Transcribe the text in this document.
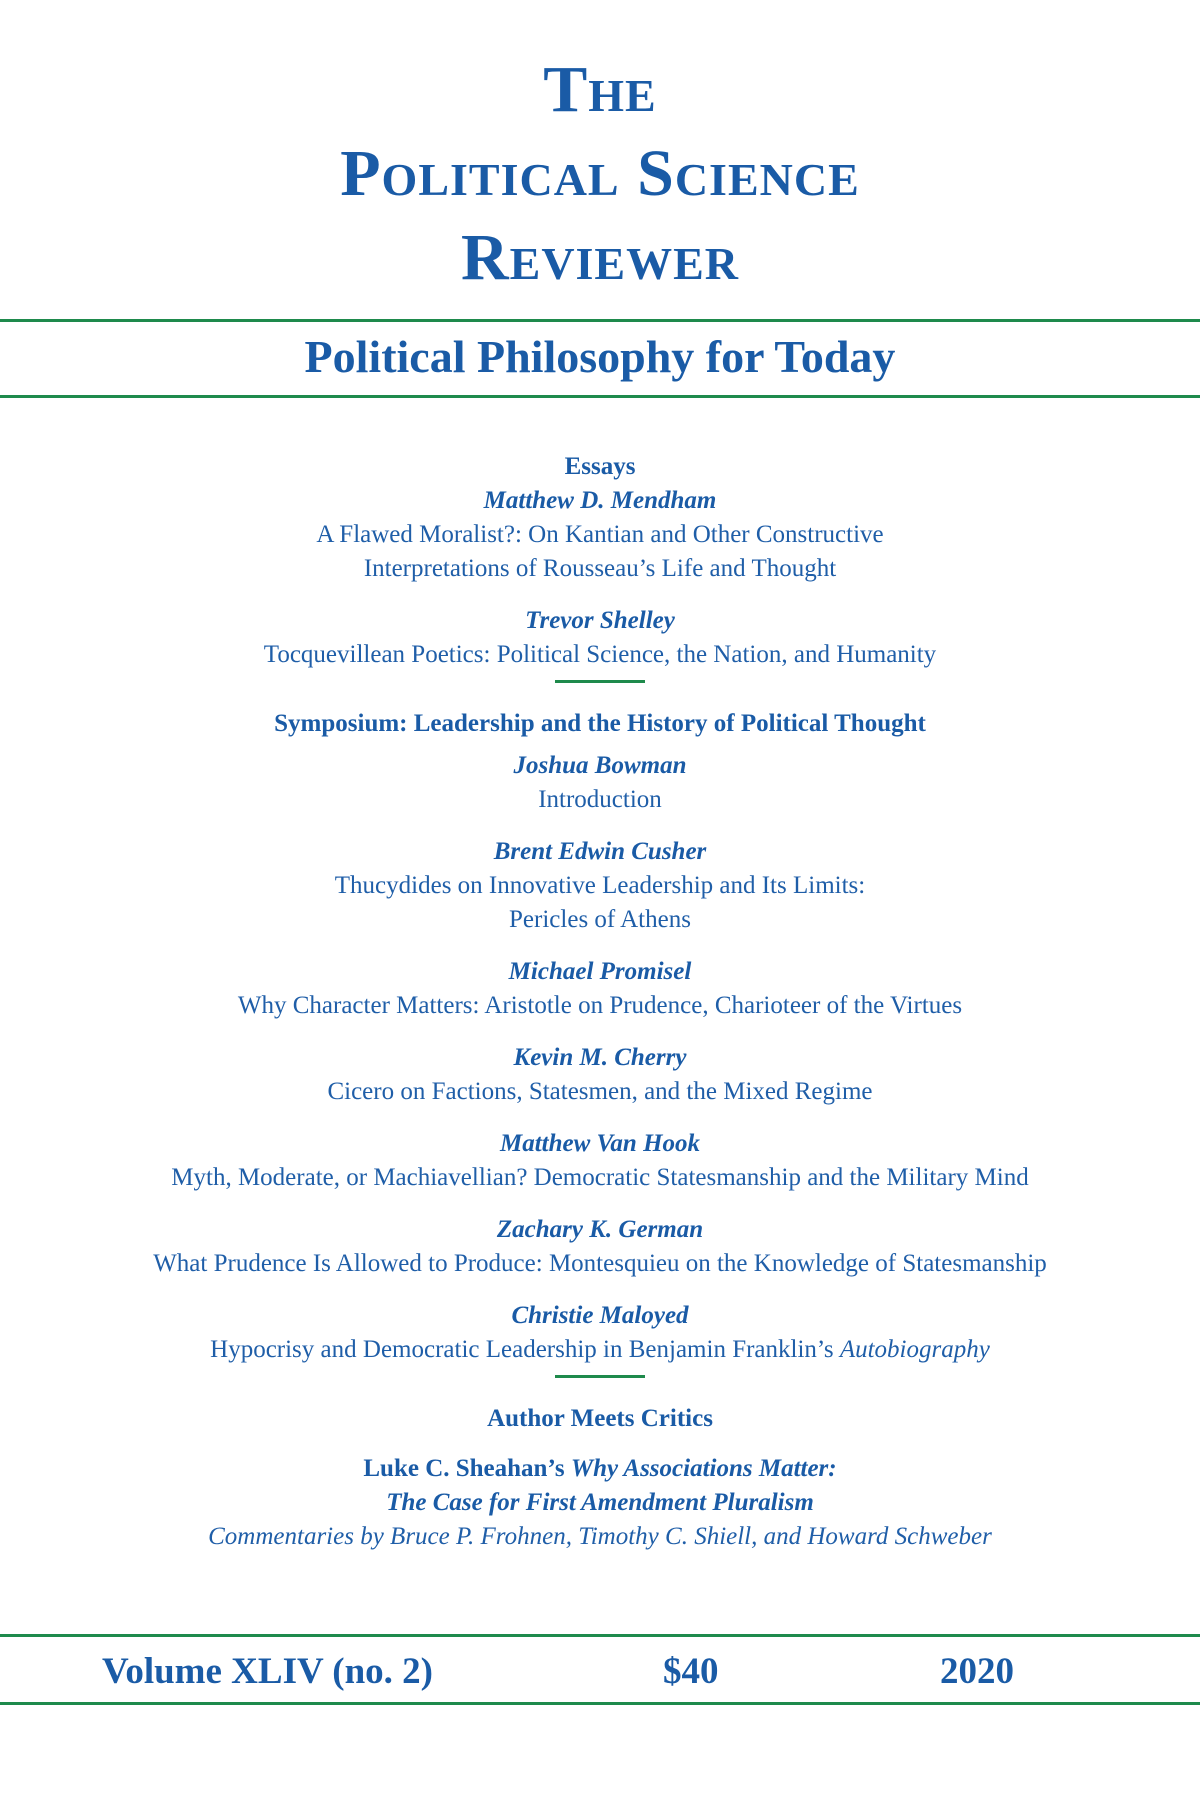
The
Political Science
Reviewer
Political Philosophy for Today
Essays
Matthew D. Mendham
A Flawed Moralist?: On Kantian and Other Constructive
Interpretations of Rousseau’s Life and Thought
Trevor Shelley
Tocquevillean Poetics: Political Science, the Nation, and Humanity
Symposium: Leadership and the History of Political Thought
Joshua Bowman
Introduction
Brent Edwin Cusher
Thucydides on Innovative Leadership and Its Limits:
Pericles of Athens
Michael Promisel
Why Character Matters: Aristotle on Prudence, Charioteer of the Virtues
Kevin M. Cherry
Cicero on Factions, Statesmen, and the Mixed Regime
Matthew Van Hook
Myth, Moderate, or Machiavellian? Democratic Statesmanship and the Military Mind
Zachary K. German
What Prudence Is Allowed to Produce: Montesquieu on the Knowledge of Statesmanship
Christie Maloyed
Hypocrisy and Democratic Leadership in Benjamin Franklin’s Autobiography
Author Meets Critics
Luke C. Sheahan’s Why Associations Matter:
The Case for First Amendment Pluralism
Commentaries by Bruce P. Frohnen, Timothy C. Shiell, and Howard Schweber
Volume XLIV (no. 2)	$40	2020
